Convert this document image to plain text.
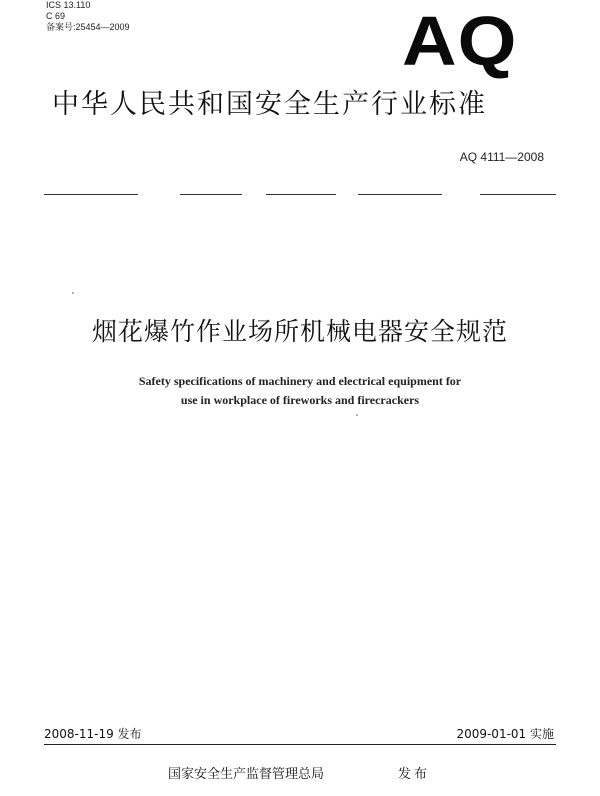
ICS 13.110
C 69
备案号:25454—2009	AQ
中华人民共和国安全生产行业标准
AQ 4111—2008
烟花爆竹作业场所机械电器安全规范
Safety specifications of machinery and electrical equipment for
use in workplace of fireworks and firecrackers
2008-11-19 发布	2009-01-01 实施
国家安全生产监督管理总局	发布
